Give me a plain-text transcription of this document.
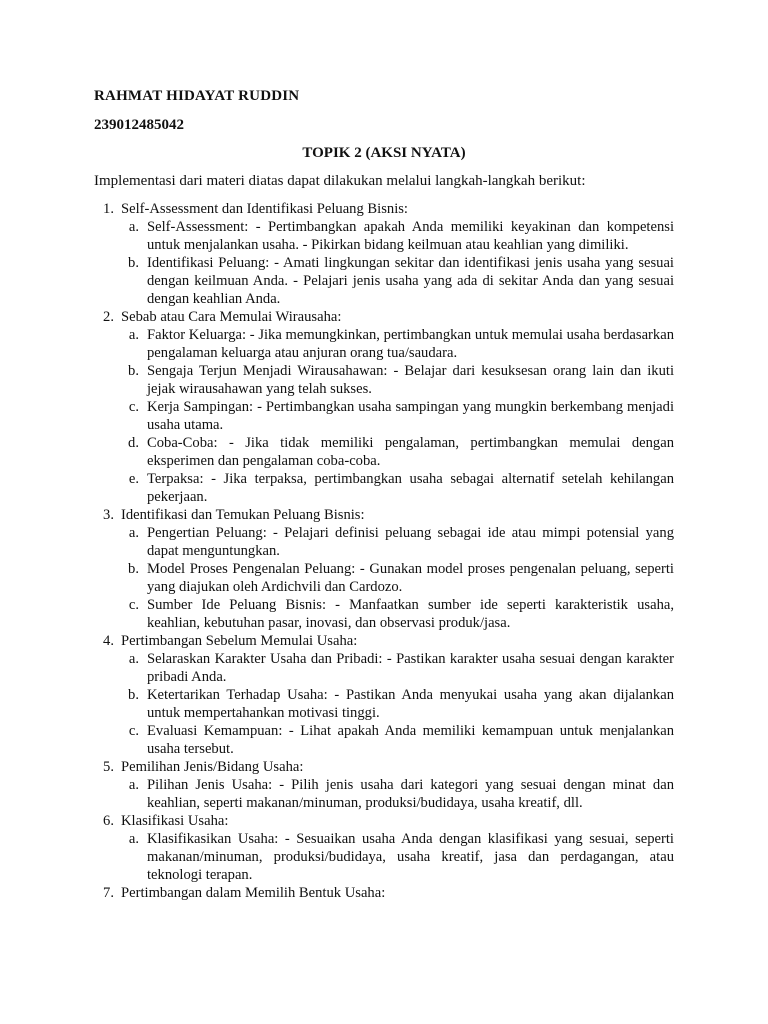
RAHMAT HIDAYAT RUDDIN
239012485042
TOPIK 2 (AKSI NYATA)
Implementasi dari materi diatas dapat dilakukan melalui langkah-langkah berikut:
1. Self-Assessment dan Identifikasi Peluang Bisnis:
a. Self-Assessment: - Pertimbangkan apakah Anda memiliki keyakinan dan kompetensi untuk menjalankan usaha. - Pikirkan bidang keilmuan atau keahlian yang dimiliki.
b. Identifikasi Peluang: - Amati lingkungan sekitar dan identifikasi jenis usaha yang sesuai dengan keilmuan Anda. - Pelajari jenis usaha yang ada di sekitar Anda dan yang sesuai dengan keahlian Anda.
2. Sebab atau Cara Memulai Wirausaha:
a. Faktor Keluarga: - Jika memungkinkan, pertimbangkan untuk memulai usaha berdasarkan pengalaman keluarga atau anjuran orang tua/saudara.
b. Sengaja Terjun Menjadi Wirausahawan: - Belajar dari kesuksesan orang lain dan ikuti jejak wirausahawan yang telah sukses.
c. Kerja Sampingan: - Pertimbangkan usaha sampingan yang mungkin berkembang menjadi usaha utama.
d. Coba-Coba: - Jika tidak memiliki pengalaman, pertimbangkan memulai dengan eksperimen dan pengalaman coba-coba.
e. Terpaksa: - Jika terpaksa, pertimbangkan usaha sebagai alternatif setelah kehilangan pekerjaan.
3. Identifikasi dan Temukan Peluang Bisnis:
a. Pengertian Peluang: - Pelajari definisi peluang sebagai ide atau mimpi potensial yang dapat menguntungkan.
b. Model Proses Pengenalan Peluang: - Gunakan model proses pengenalan peluang, seperti yang diajukan oleh Ardichvili dan Cardozo.
c. Sumber Ide Peluang Bisnis: - Manfaatkan sumber ide seperti karakteristik usaha, keahlian, kebutuhan pasar, inovasi, dan observasi produk/jasa.
4. Pertimbangan Sebelum Memulai Usaha:
a. Selaraskan Karakter Usaha dan Pribadi: - Pastikan karakter usaha sesuai dengan karakter pribadi Anda.
b. Ketertarikan Terhadap Usaha: - Pastikan Anda menyukai usaha yang akan dijalankan untuk mempertahankan motivasi tinggi.
c. Evaluasi Kemampuan: - Lihat apakah Anda memiliki kemampuan untuk menjalankan usaha tersebut.
5. Pemilihan Jenis/Bidang Usaha:
a. Pilihan Jenis Usaha: - Pilih jenis usaha dari kategori yang sesuai dengan minat dan keahlian, seperti makanan/minuman, produksi/budidaya, usaha kreatif, dll.
6. Klasifikasi Usaha:
a. Klasifikasikan Usaha: - Sesuaikan usaha Anda dengan klasifikasi yang sesuai, seperti makanan/minuman, produksi/budidaya, usaha kreatif, jasa dan perdagangan, atau teknologi terapan.
7. Pertimbangan dalam Memilih Bentuk Usaha:
